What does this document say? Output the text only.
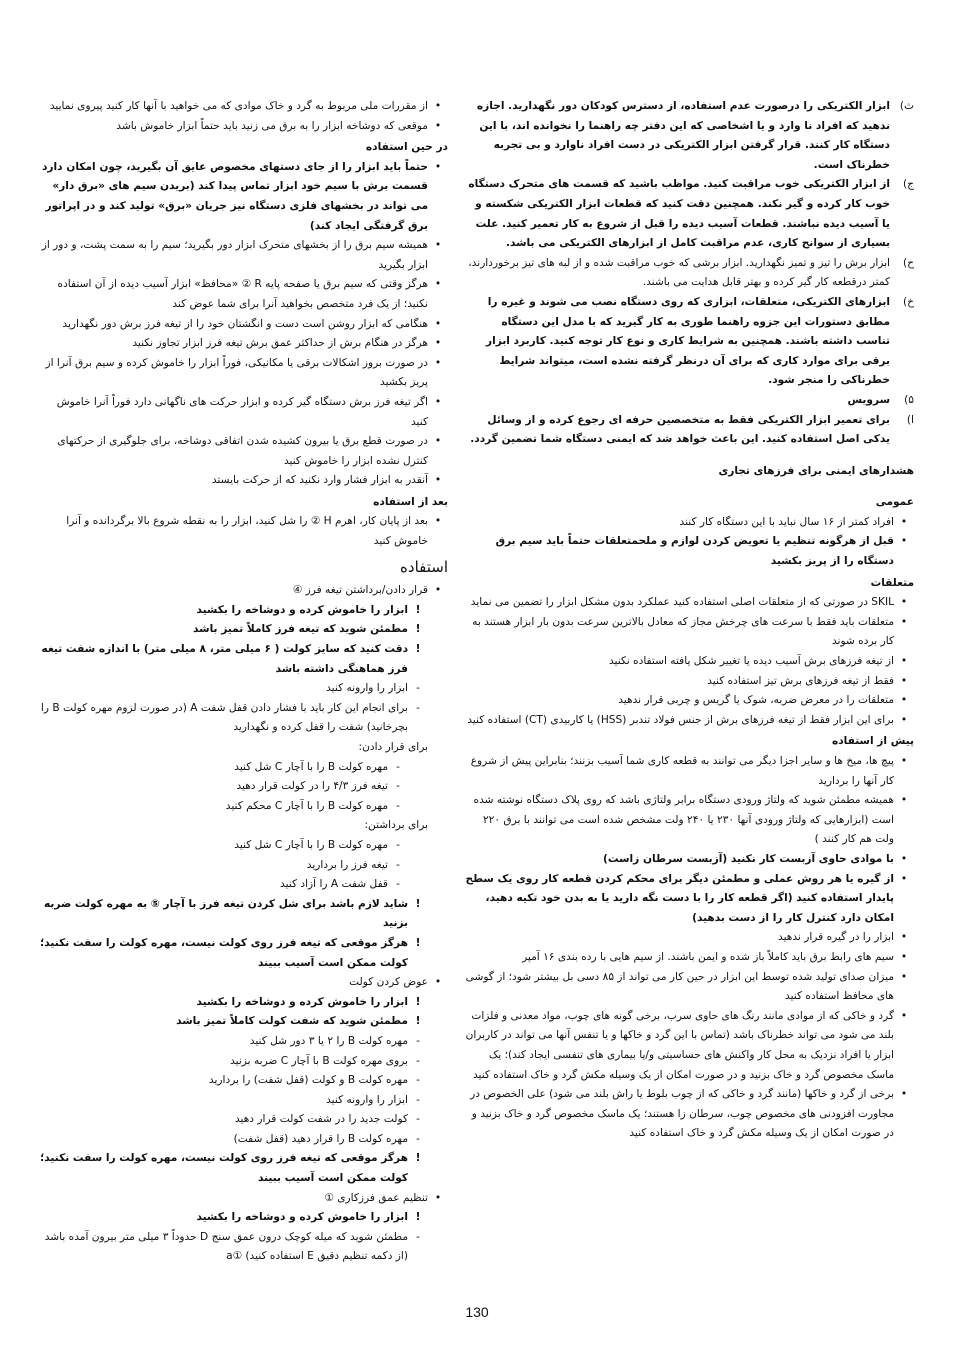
ث)
ابزار الکتریکی را درصورت عدم استفاده، از دسترس کودکان دور نگهدارید. اجازه ندهید که افراد نا وارد و یا اشخاصی که این دفتر چه راهنما را نخوانده اند، با این دستگاه کار کنند. قرار گرفتن ابزار الکتریکی در دست افراد ناوارد و بی تجربه خطرناک است.
ج)
از ابزار الکتریکی خوب مراقبت کنید. مواظب باشید که قسمت های متحرک دستگاه خوب کار کرده و گیر نکند. همچنین دقت کنید که قطعات ابزار الکتریکی شکسته و یا آسیب دیده نباشند. قطعات آسیب دیده را قبل از شروع به کار تعمیر کنید. علت بسیاری از سوانح کاری، عدم مراقبت کامل از ابزارهای الکتریکی می باشد.
ح)
ابزار برش را تیز و تمیز نگهدارید. ابزار برشی که خوب مراقبت شده و از لبه های تیز برخوردارند، کمتر درقطعه کار گیر کرده و بهتر قابل هدایت می باشند.
خ)
ابزارهای الکتریکی، متعلقات، ابزاری که روی دستگاه نصب می شوند و غیره را مطابق دستورات این جزوه راهنما طوری به کار گیرید که با مدل این دستگاه تناسب داشته باشند. همچنین به شرایط کاری و نوع کار توجه کنید. کاربرد ابزار برقی برای موارد کاری که برای آن درنظر گرفته نشده است، میتواند شرایط خطرناکی را منجر شود.
۵)
سرویس
ا)
برای تعمیر ابزار الکتریکی فقط به متخصصین حرفه ای رجوع کرده و از وسائل یدکی اصل استفاده کنید. این باعث خواهد شد که ایمنی دستگاه شما تضمین گردد.

هشدارهای ایمنی برای فرزهای تجاری

عمومی

•
افراد کمتر از ۱۶ سال نباید با این دستگاه کار کنند
•
قبل از هرگونه تنظیم یا تعویض کردن لوازم و ملحمتعلقات حتماً باید سیم برق دستگاه را از پریز بکشید

متعلقات

•
SKIL در صورتی که از متعلقات اصلی استفاده کنید عملکرد بدون مشکل ابزار را تضمین می نماید
•
متعلقات باید فقط با سرعت های چرخش مجاز که معادل بالاترین سرعت بدون بار ابزار هستند به کار برده شوند
•
از تیغه فرزهای برش آسیب دیده یا تغییر شکل یافته استفاده نکنید
•
فقط از تیغه فرزهای برش تیز استفاده کنید
•
متعلقات را در معرض ضربه، شوک یا گریس و چربی قرار ندهید
•
برای این ابزار فقط از تیغه فرزهای برش از جنس فولاد تندبر (HSS) یا کاربیدی (CT) استفاده کنید

پیش از استفاده

•
پیچ ها، میخ ها و سایر اجزا دیگر می توانند به قطعه کاری شما آسیب بزنند؛ بنابراین پیش از شروع کار آنها را بردارید
•
همیشه مطمئن شوید که ولتاژ ورودی دستگاه برابر ولتاژی باشد که روی پلاک دستگاه نوشته شده است (ابزارهایی که ولتاژ ورودی آنها ۲۳۰ یا ۲۴۰ ولت مشخص شده است می توانند با برق ۲۲۰ ولت هم کار کنند )
•
با موادی حاوی آزبست کار نکنید (آزبست سرطان زاست)
•
از گیره یا هر روش عملی و مطمئن دیگر برای محکم کردن قطعه کار روی یک سطح پایدار استفاده کنید (اگر قطعه کار را با دست نگه دارید یا به بدن خود تکیه دهید، امکان دارد کنترل کار را از دست بدهید)
•
ابزار را در گیره قرار ندهید
•
سیم های رابط برق باید کاملاً باز شده و ایمن باشند. از سیم هایی با رده بندی ۱۶ آمپر
•
میزان صدای تولید شده توسط این ابزار در حین کار می تواند از ۸۵ دسی بل بیشتر شود؛ از گوشی های محافظ استفاده کنید
•
گرد و خاکی که از موادی مانند رنگ های حاوی سرب، برخی گونه های چوب، مواد معدنی و فلزات بلند می شود می تواند خطرناک باشد (تماس با این گرد و خاکها و یا تنفس آنها می تواند در کاربران ابزار یا افراد نزدیک به محل کار واکنش های حساسیتی و/یا بیماری های تنفسی ایجاد کند)؛ یک ماسک مخصوص گرد و خاک بزنید و در صورت امکان از یک وسیله مکش گرد و خاک استفاده کنید
•
برخی از گرد و خاکها (مانند گرد و خاکی که از چوب بلوط یا راش بلند می شود) علی الخصوص در مجاورت افزودنی های مخصوص چوب، سرطان زا هستند؛ یک ماسک مخصوص گرد و خاک بزنید و در صورت امکان از یک وسیله مکش گرد و خاک استفاده کنید
•
از مقررات ملی مربوط به گرد و خاک موادی که می خواهید با آنها کار کنید پیروی نمایید
•
موقعی که دوشاخه ابزار را به برق می زنید باید حتماً ابزار خاموش باشد

در حین استفاده

•
حتماً باید ابزار را از جای دستهای مخصوص عایق آن بگیرید، چون امکان دارد قسمت برش با سیم خود ابزار تماس پیدا کند (بریدن سیم های «برق دار» می تواند در بخشهای فلزی دستگاه نیز جریان «برق» تولید کند و در اپراتور برق گرفتگی ایجاد کند)
•
همیشه سیم برق را از بخشهای متحرک ابزار دور بگیرید؛ سیم را به سمت پشت، و دور از ابزار بگیرید
•
هرگز وقتی که سیم برق یا صفحه پایه R ② «محافظ» ابزار آسیب دیده از آن استفاده نکنید؛ از یک فرد متخصص بخواهید آنرا برای شما عوض کند
•
هنگامی که ابزار روشن است دست و انگشتان خود را از تیغه فرز برش دور نگهدارید
•
هرگز در هنگام برش از حداکثر عمق برش تیغه فرز ابزار تجاوز نکنید
•
در صورت بروز اشکالات برقی یا مکانیکی، فوراً ابزار را خاموش کرده و سیم برق آنرا از پریز بکشید
•
اگر تیغه فرز برش دستگاه گیر کرده و ابزار حرکت های ناگهانی دارد فوراً آنرا خاموش کنید
•
در صورت قطع برق یا بیرون کشیده شدن اتفاقی دوشاخه، برای جلوگیری از حرکتهای کنترل نشده ابزار را خاموش کنید
•
آنقدر به ابزار فشار وارد نکنید که از حرکت بایستد

بعد از استفاده

•
بعد از پایان کار، اهرم H ② را شل کنید، ابزار را به نقطه شروع بالا برگردانده و آنرا خاموش کنید

استفاده

•
قرار دادن/برداشتن تیغه فرز ④
!
ابزار را خاموش کرده و دوشاخه را بکشید
!
مطمئن شوید که تیغه فرز کاملاً تمیز باشد
!
دقت کنید که سایز کولت ( ۶ میلی متر، ۸ میلی متر) با اندازه شفت تیغه فرز هماهنگی داشته باشد
-
ابزار را وارونه کنید
-
برای انجام این کار باید با فشار دادن قفل شفت A (در صورت لزوم مهره کولت B را بچرخانید) شفت را قفل کرده و نگهدارید

برای قرار دادن:

-
مهره کولت B را با آچار C شل کنید
-
تیغه فرز ۴/۳ را در کولت قرار دهید
-
مهره کولت B را با آچار C محکم کنید

برای برداشتن:

-
مهره کولت B را با آچار C شل کنید
-
تیغه فرز را بردارید
-
قفل شفت A را آزاد کنید
!
شاید لازم باشد برای شل کردن تیغه فرز با آچار ⑤ به مهره کولت ضربه بزنید
!
هرگز موقعی که تیغه فرز روی کولت نیست، مهره کولت را سفت نکنید؛ کولت ممکن است آسیب ببیند
•
عوض کردن کولت
!
ابزار را خاموش کرده و دوشاخه را بکشید
!
مطمئن شوید که شفت کولت کاملاً تمیز باشد
-
مهره کولت B را ۲ یا ۳ دور شل کنید
-
بروی مهره کولت B با آچار C ضربه بزنید
-
مهره کولت B و کولت (قفل شفت) را بردارید
-
ابزار را وارونه کنید
-
کولت جدید را در شفت کولت قرار دهید
-
مهره کولت B را قرار دهید (قفل شفت)
!
هرگز موقعی که تیغه فرز روی کولت نیست، مهره کولت را سفت نکنید؛ کولت ممکن است آسیب ببیند
•
تنظیم عمق فرزکاری ①
!
ابزار را خاموش کرده و دوشاخه را بکشید
-
مطمئن شوید که میله کوچک درون عمق سنج D حدوداً ۳ میلی متر بیرون آمده باشد (از دکمه تنظیم دقیق E استفاده کنید) ①a
130
